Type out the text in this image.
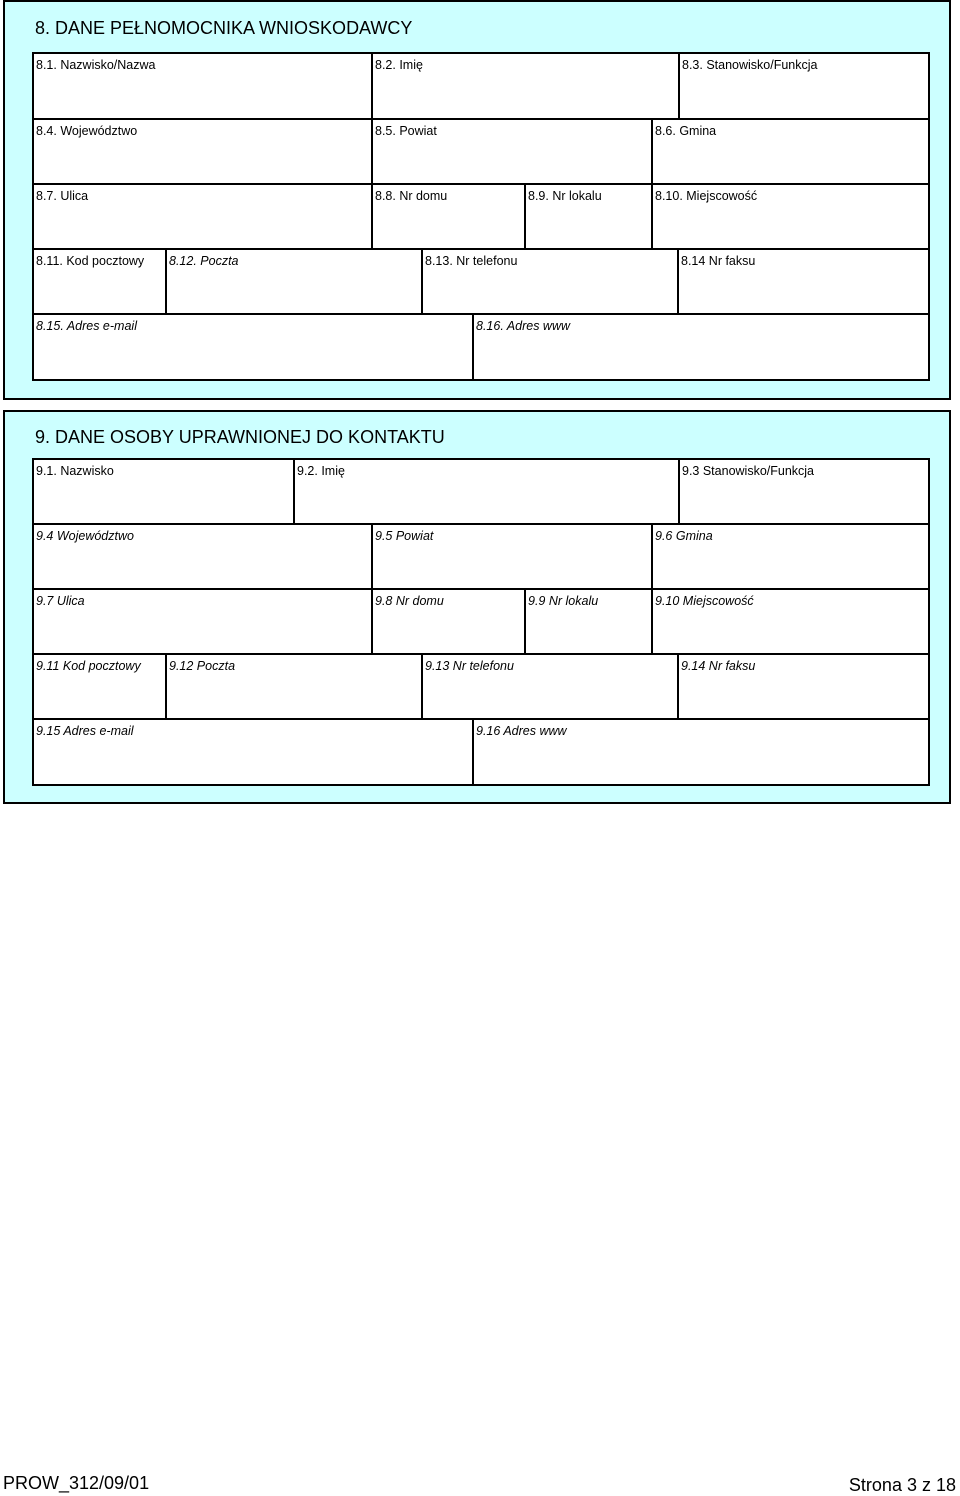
8. DANE PEŁNOMOCNIKA WNIOSKODAWCY
8.1. Nazwisko/Nazwa	8.2. Imię	8.3. Stanowisko/Funkcja
8.4. Województwo	8.5. Powiat	8.6. Gmina
8.7. Ulica	8.8. Nr domu	8.9. Nr lokalu	8.10. Miejscowość
8.11. Kod pocztowy 8.12. Poczta	8.13. Nr telefonu	8.14 Nr faksu
8.15. Adres e-mail	8.16. Adres www
9. DANE OSOBY UPRAWNIONEJ DO KONTAKTU
9.1. Nazwisko	9.2. Imię	9.3 Stanowisko/Funkcja
9.4 Województwo	9.5 Powiat	9.6 Gmina
9.7 Ulica	9.8 Nr domu	9.9 Nr lokalu	9.10 Miejscowość
9.11 Kod pocztowy 9.12 Poczta	9.13 Nr telefonu	9.14 Nr faksu
9.15 Adres e-mail	9.16 Adres www
PROW_312/09/01	Strona 3 z 18
